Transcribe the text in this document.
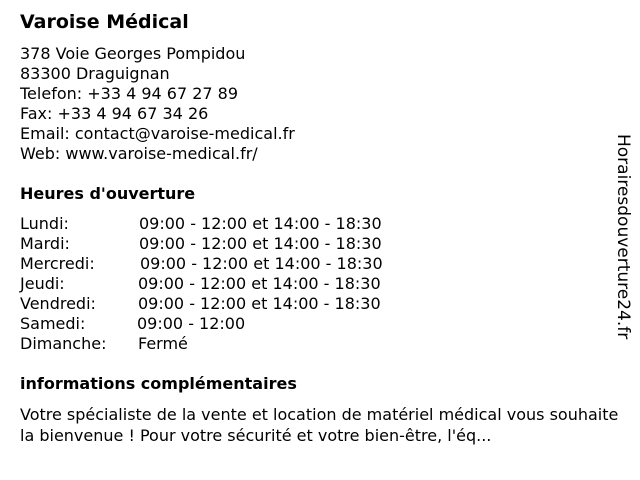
Varoise Médical
378 Voie Georges Pompidou
83300 Draguignan
Telefon: +33 4 94 67 27 89
Fax: +33 4 94 67 34 26
Email: contact@varoise-medical.fr
Web: www.varoise-medical.fr/
Heures d'ouverture
Lundi:	09:00 - 12:00 et 14:00 - 18:30
Mardi:	09:00 - 12:00 et 14:00 - 18:30
Mercredi:	09:00 - 12:00 et 14:00 - 18:30
Jeudi:	09:00 - 12:00 et 14:00 - 18:30
Vendredi:	09:00 - 12:00 et 14:00 - 18:30
Samedi:	09:00 - 12:00
Dimanche: Fermé
informations complémentaires
Votre spécialiste de la vente et location de matériel médical vous souhaite la bienvenue ! Pour votre sécurité et votre bien-être, l'éq...
Horairesdouverture24.fr
